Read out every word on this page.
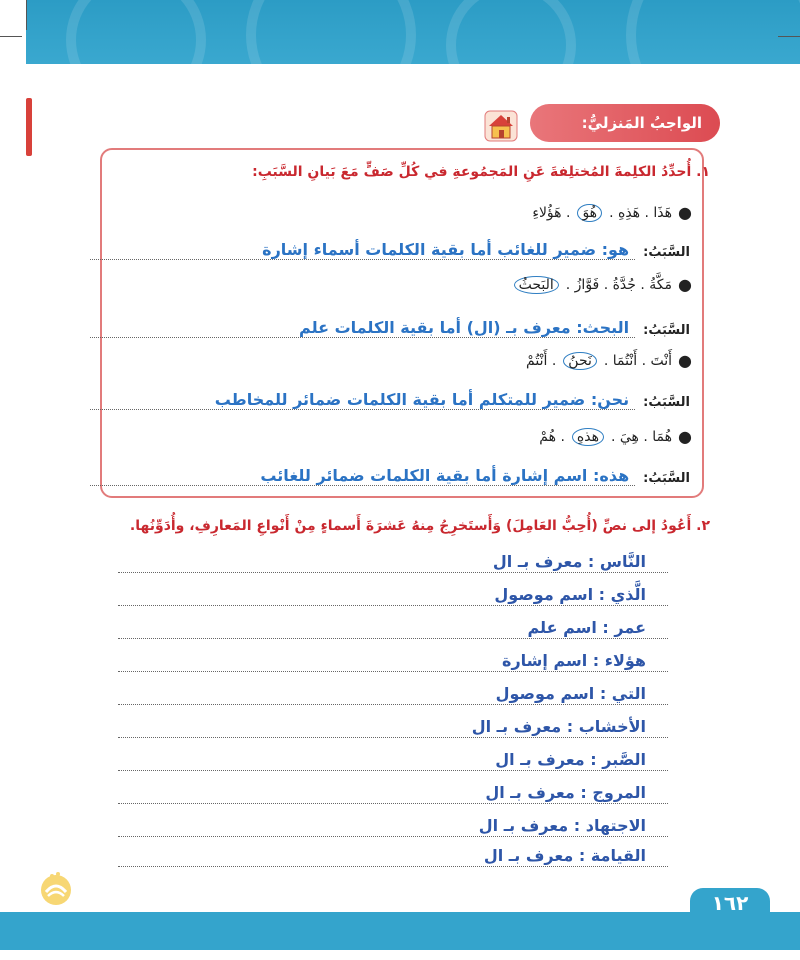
الواجبُ المَنزليُّ:
١. أُحدِّدُ الكلِمةَ المُختلِفةَ عَنِ المَجمُوعةِ في كُلِّ صَفٍّ مَعَ بَيانِ السَّبَبِ:
●
هَذَا . هَذِهِ .
هُوَ
. هَؤُلاءِ
السَّبَبُ:
هو: ضمير للغائب أما بقية الكلمات أسماء إشارة
●
مَكَّةُ . جُدَّةُ . فَوَّازُ .
البَحثُ
السَّبَبُ:
البحث: معرف بـ (ال) أما بقية الكلمات علم
●
أَنْتَ . أَنْتُمَا .
نَحنُ
. أَنْتُمْ
السَّبَبُ:
نحن: ضمير للمتكلم أما بقية الكلمات ضمائر للمخاطب
●
هُمَا . هِيَ .
هذهِ
. هُمْ
السَّبَبُ:
هذه: اسم إشارة أما بقية الكلمات ضمائر للغائب
٢. أَعُودُ إلى نصِّ (أُحِبُّ العَامِلَ) وَأَستَخرِجُ مِنهُ عَشرَةَ أَسماءٍ مِنْ أَنْواعِ المَعارِفِ، وأُدَوِّنُها.
النَّاس : معرف بـ ال
الَّذي : اسم موصول
عمر : اسم علم
هؤلاء : اسم إشارة
التي : اسم موصول
الأخشاب : معرف بـ ال
الصَّبر : معرف بـ ال
المروج : معرف بـ ال
الاجتهاد : معرف بـ ال
القيامة : معرف بـ ال
١٦٢
